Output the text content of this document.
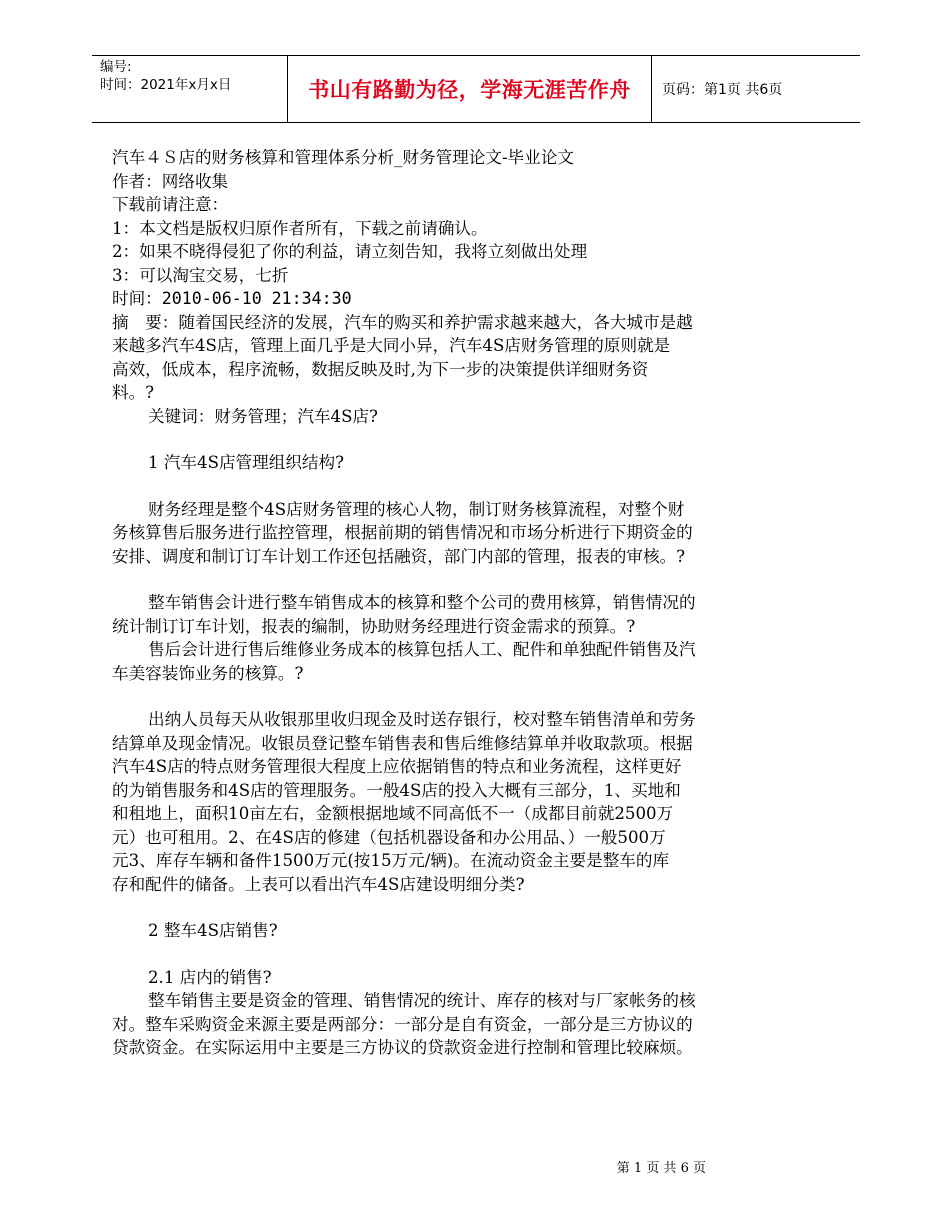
编号:
时间：2021年x月x日	书山有路勤为径，学海无涯苦作舟	页码：第1页 共6页

汽车４Ｓ店的财务核算和管理体系分析_财务管理论文-毕业论文

作者：网络收集

下载前请注意：

1：本文档是版权归原作者所有，下载之前请确认。

2：如果不晓得侵犯了你的利益，请立刻告知，我将立刻做出处理

3：可以淘宝交易，七折

时间：2010-06-10 21:34:30

摘　要：随着国民经济的发展，汽车的购买和养护需求越来越大，各大城市是越

来越多汽车4S店，管理上面几乎是大同小异，汽车4S店财务管理的原则就是

高效，低成本，程序流畅，数据反映及时,为下一步的决策提供详细财务资

料。?

关键词：财务管理；汽车4S店?

1 汽车4S店管理组织结构?

财务经理是整个4S店财务管理的核心人物，制订财务核算流程，对整个财

务核算售后服务进行监控管理，根据前期的销售情况和市场分析进行下期资金的

安排、调度和制订订车计划工作还包括融资，部门内部的管理，报表的审核。?

整车销售会计进行整车销售成本的核算和整个公司的费用核算，销售情况的

统计制订订车计划，报表的编制，协助财务经理进行资金需求的预算。?

售后会计进行售后维修业务成本的核算包括人工、配件和单独配件销售及汽

车美容装饰业务的核算。?

出纳人员每天从收银那里收归现金及时送存银行，校对整车销售清单和劳务

结算单及现金情况。收银员登记整车销售表和售后维修结算单并收取款项。根据

汽车4S店的特点财务管理很大程度上应依据销售的特点和业务流程，这样更好

的为销售服务和4S店的管理服务。一般4S店的投入大概有三部分，1、买地和

和租地上，面积10亩左右，金额根据地域不同高低不一（成都目前就2500万

元）也可租用。2、在4S店的修建（包括机器设备和办公用品、）一般500万

元3、库存车辆和备件1500万元(按15万元/辆)。在流动资金主要是整车的库

存和配件的储备。上表可以看出汽车4S店建设明细分类?

2 整车4S店销售?

2.1 店内的销售?

整车销售主要是资金的管理、销售情况的统计、库存的核对与厂家帐务的核

对。整车采购资金来源主要是两部分：一部分是自有资金，一部分是三方协议的

贷款资金。在实际运用中主要是三方协议的贷款资金进行控制和管理比较麻烦。

第 1 页 共 6 页
